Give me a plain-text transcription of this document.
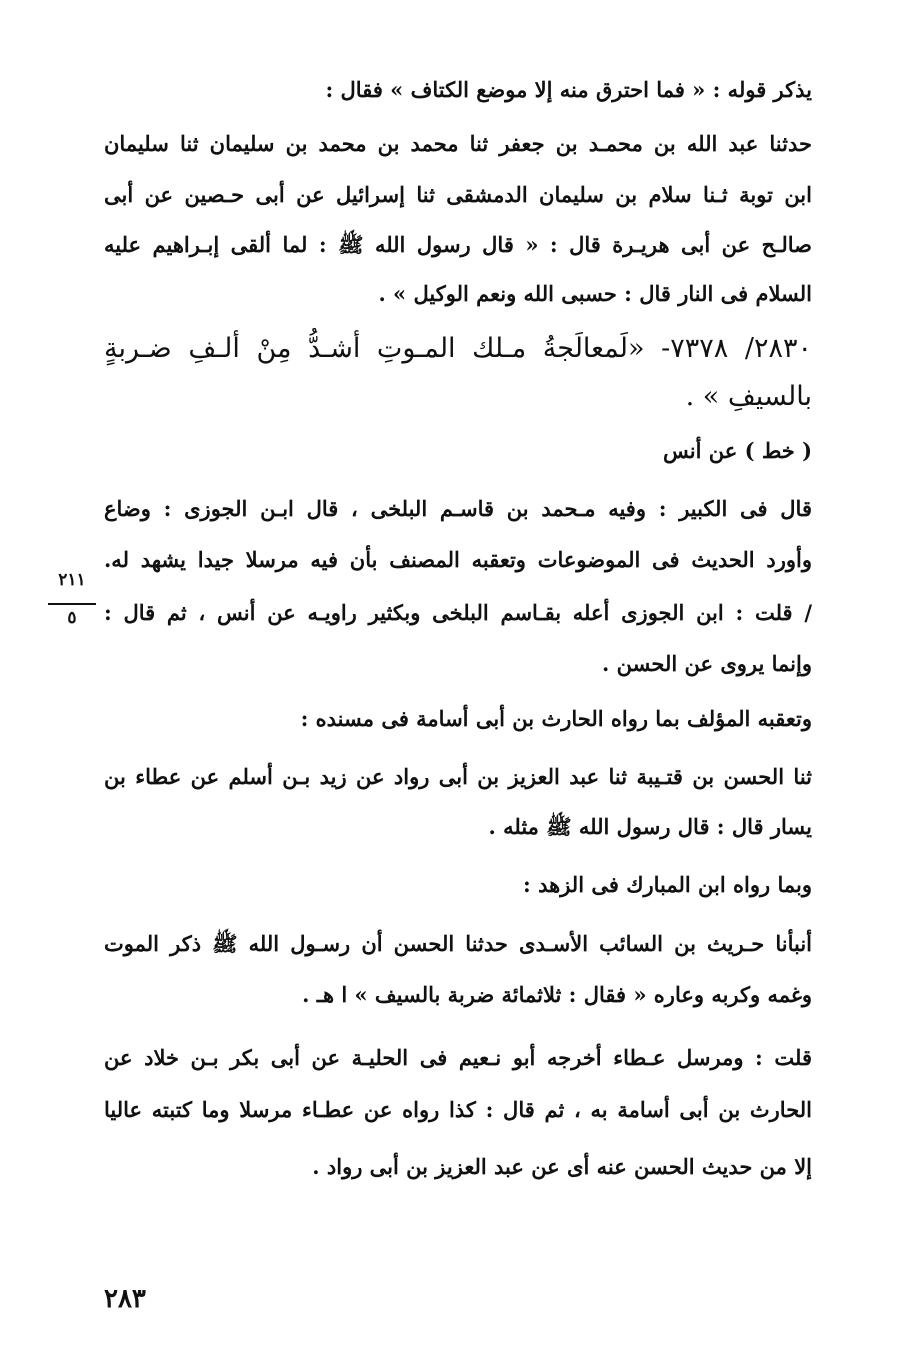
يذكر قوله : « فما احترق منه إلا موضع الكتاف » فقال :
حدثنا عبد الله بن محمـد بن جعفر ثنا محمد بن محمد بن سليمان ثنا سليمان
ابن توبة ثـنا سلام بن سليمان الدمشقى ثنا إسرائيل عن أبى حـصين عن أبى
صالـح عن أبى هريـرة قال : « قال رسول الله ﷺ : لما ألقى إبـراهيم عليه
السلام فى النار قال : حسبى الله ونعم الوكيل » .
٢٨٣٠/ ٧٣٧٨- «لَمعالَجةُ مـلك المـوتِ أشـدُّ مِنْ ألـفِ ضـربةٍ
بالسيفِ » .
( خط ) عن أنس
قال فى الكبير : وفيه مـحمد بن قاسـم البلخى ، قال ابـن الجوزى : وضاع
وأورد الحديث فى الموضوعات وتعقبه المصنف بأن فيه مرسلا جيدا يشهد له.
/ قلت : ابن الجوزى أعله بقـاسم البلخى وبكثير راويـه عن أنس ، ثم قال :
وإنما يروى عن الحسن .
وتعقبه المؤلف بما رواه الحارث بن أبى أسامة فى مسنده :
ثنا الحسن بن قتـيبة ثنا عبد العزيز بن أبى رواد عن زيد بـن أسلم عن عطاء بن
يسار قال : قال رسول الله ﷺ مثله .
وبما رواه ابن المبارك فى الزهد :
أنبأنا حـريث بن السائب الأسـدى حدثنا الحسن أن رسـول الله ﷺ ذكر الموت
وغمه وكربه وعاره « فقال : ثلاثمائة ضربة بالسيف » ا هـ .
قلت : ومرسل عـطاء أخرجه أبو نـعيم فى الحليـة عن أبى بكر بـن خلاد عن
الحارث بن أبى أسامة به ، ثم قال : كذا رواه عن عطـاء مرسلا وما كتبته عاليا
إلا من حديث الحسن عنه أى عن عبد العزيز بن أبى رواد .
٢١١
٥
٢٨٣
